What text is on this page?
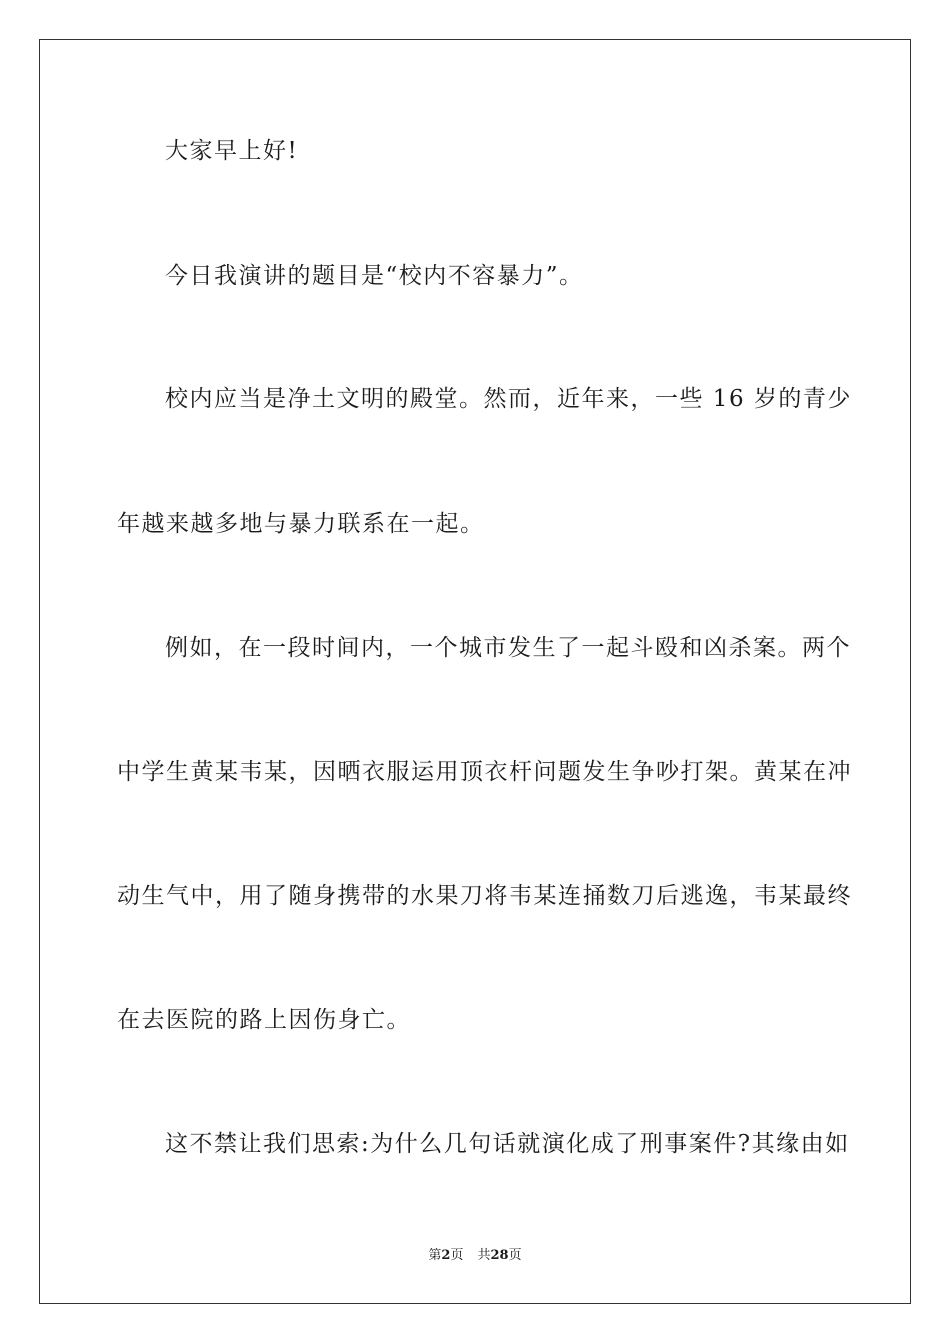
大家早上好!
今日我演讲的题目是“校内不容暴力”。
校内应当是净土文明的殿堂。然而，近年来，一些 16 岁的青少
年越来越多地与暴力联系在一起。
例如，在一段时间内，一个城市发生了一起斗殴和凶杀案。两个
中学生黄某韦某，因晒衣服运用顶衣杆问题发生争吵打架。黄某在冲
动生气中，用了随身携带的水果刀将韦某连捅数刀后逃逸，韦某最终
在去医院的路上因伤身亡。
这不禁让我们思索:为什么几句话就演化成了刑事案件?其缘由如
第2页 共28页
